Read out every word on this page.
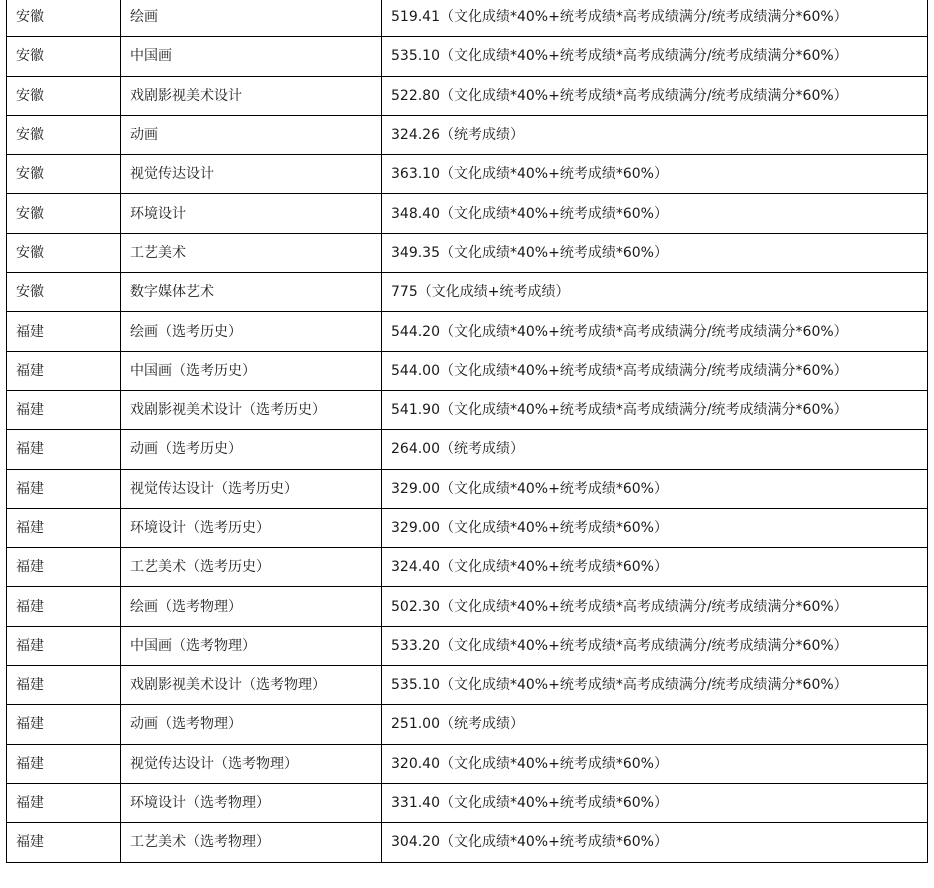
安徽	绘画	519.41（文化成绩*40%+统考成绩*高考成绩满分/统考成绩满分*60%）
安徽	中国画	535.10（文化成绩*40%+统考成绩*高考成绩满分/统考成绩满分*60%）
安徽	戏剧影视美术设计	522.80（文化成绩*40%+统考成绩*高考成绩满分/统考成绩满分*60%）
安徽	动画	324.26（统考成绩）
安徽	视觉传达设计	363.10（文化成绩*40%+统考成绩*60%）
安徽	环境设计	348.40（文化成绩*40%+统考成绩*60%）
安徽	工艺美术	349.35（文化成绩*40%+统考成绩*60%）
安徽	数字媒体艺术	775（文化成绩+统考成绩）
福建	绘画（选考历史）	544.20（文化成绩*40%+统考成绩*高考成绩满分/统考成绩满分*60%）
福建	中国画（选考历史）	544.00（文化成绩*40%+统考成绩*高考成绩满分/统考成绩满分*60%）
福建	戏剧影视美术设计（选考历史）	541.90（文化成绩*40%+统考成绩*高考成绩满分/统考成绩满分*60%）
福建	动画（选考历史）	264.00（统考成绩）
福建	视觉传达设计（选考历史）	329.00（文化成绩*40%+统考成绩*60%）
福建	环境设计（选考历史）	329.00（文化成绩*40%+统考成绩*60%）
福建	工艺美术（选考历史）	324.40（文化成绩*40%+统考成绩*60%）
福建	绘画（选考物理）	502.30（文化成绩*40%+统考成绩*高考成绩满分/统考成绩满分*60%）
福建	中国画（选考物理）	533.20（文化成绩*40%+统考成绩*高考成绩满分/统考成绩满分*60%）
福建	戏剧影视美术设计（选考物理）	535.10（文化成绩*40%+统考成绩*高考成绩满分/统考成绩满分*60%）
福建	动画（选考物理）	251.00（统考成绩）
福建	视觉传达设计（选考物理）	320.40（文化成绩*40%+统考成绩*60%）
福建	环境设计（选考物理）	331.40（文化成绩*40%+统考成绩*60%）
福建	工艺美术（选考物理）	304.20（文化成绩*40%+统考成绩*60%）
